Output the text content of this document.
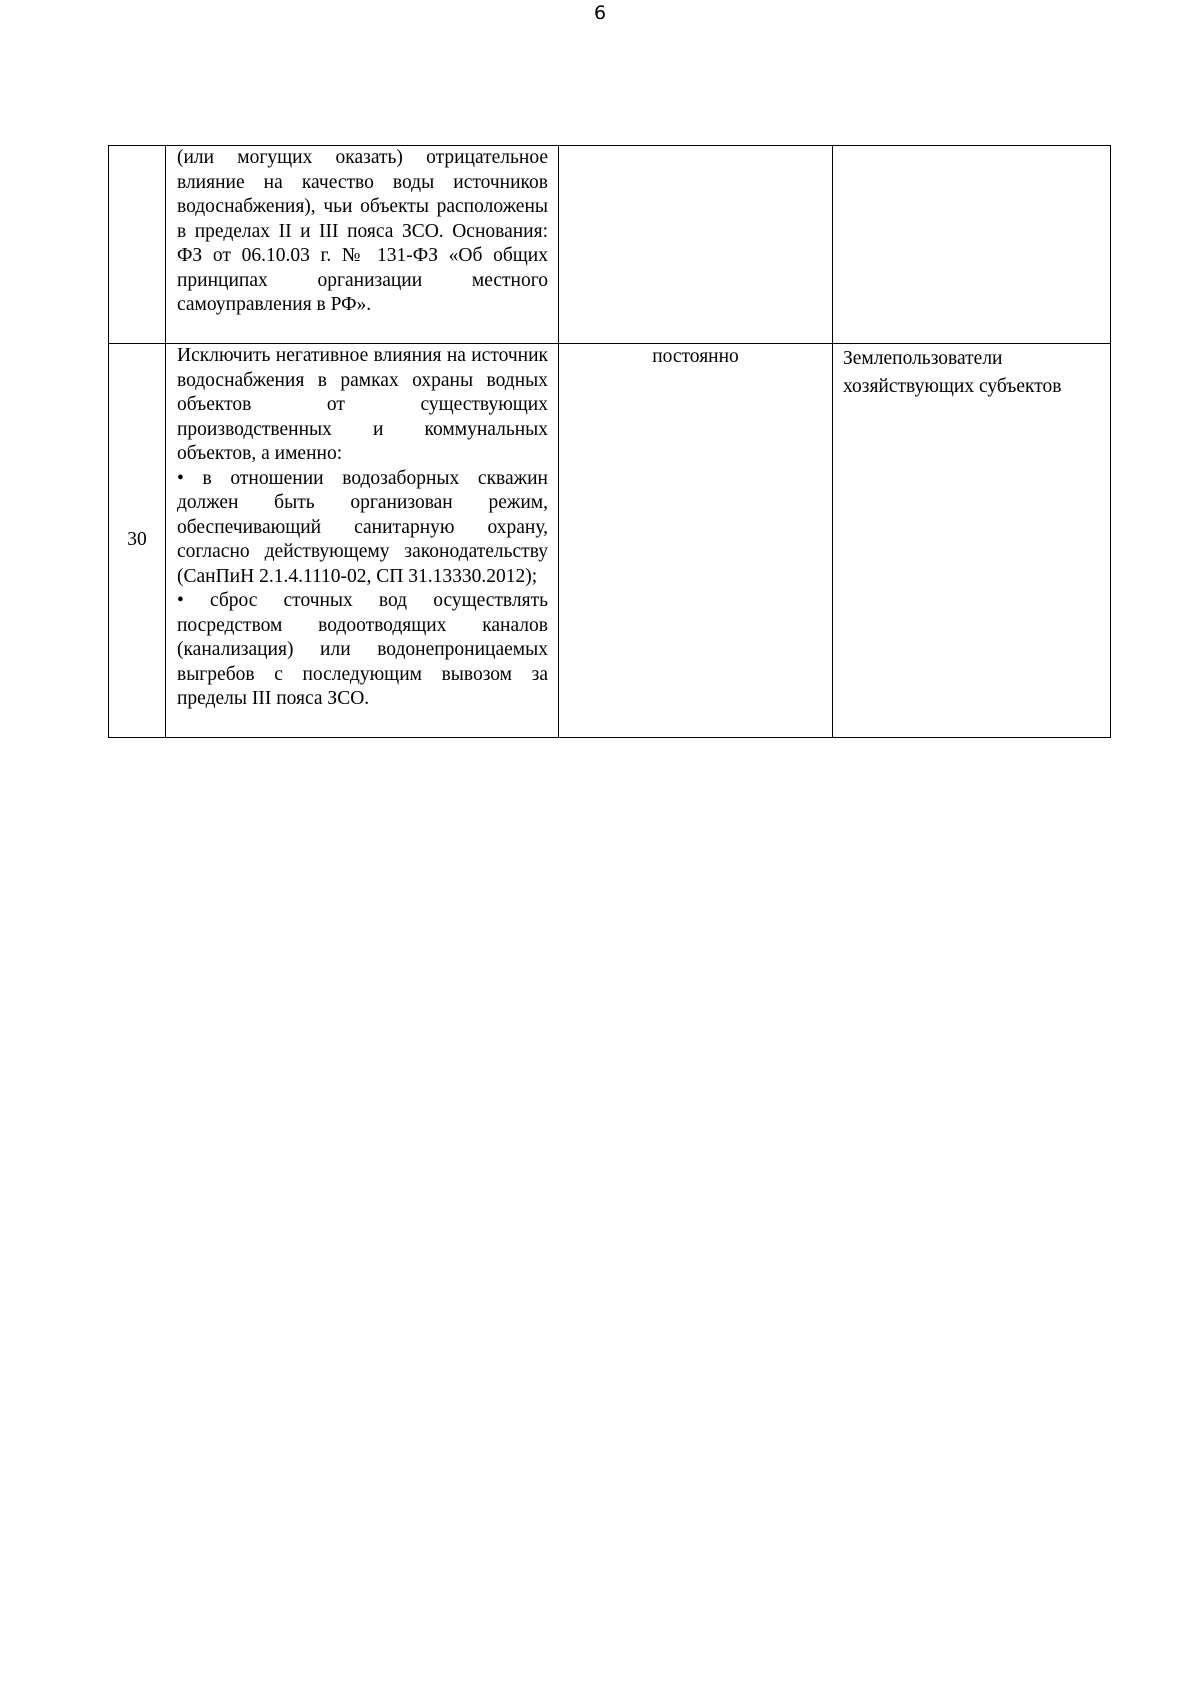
6

	(или могущих оказать) отрицательное влияние на качество воды источников водоснабжения), чьи объекты расположены в пределах II и III пояса ЗСО. Основания: ФЗ от 06.10.03 г. № 131-ФЗ «Об общих принципах организации местного самоуправления в РФ».		

30	Исключить негативное влияния на источник водоснабжения в рамках охраны водных объектов от существующих производственных и коммунальных объектов, а именно:
• в отношении водозаборных скважин должен быть организован режим, обеспечивающий санитарную охрану, согласно действующему законодательству (СанПиН 2.1.4.1110-02, СП 31.13330.2012);
• сброс сточных вод осуществлять посредством водоотводящих каналов (канализация) или водонепроницаемых выгребов с последующим вывозом за пределы III пояса ЗСО.	постоянно	Землепользователи хозяйствующих субъектов
